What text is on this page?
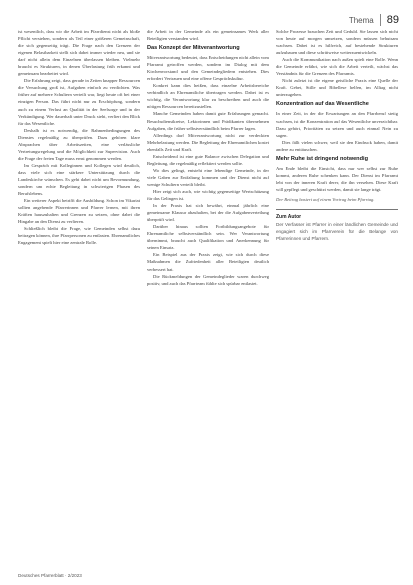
Thema 89

ist wesentlich, dass wir die Arbeit im Pfarrdienst nicht als bloße Pflicht verstehen, sondern als Teil einer größeren Gemeinschaft, die sich gegenseitig trägt. Die Frage nach den Grenzen der eigenen Belastbarkeit stellt sich dabei immer wieder neu, und sie darf nicht allein dem Einzelnen überlassen bleiben. Vielmehr braucht es Strukturen, in denen Überlastung früh erkannt und gemeinsam bearbeitet wird.

Die Erfahrung zeigt, dass gerade in Zeiten knapper Ressourcen die Versuchung groß ist, Aufgaben einfach zu verdichten. Was früher auf mehrere Schultern verteilt war, liegt heute oft bei einer einzigen Person. Das führt nicht nur zu Erschöpfung, sondern auch zu einem Verlust an Qualität in der Seelsorge und in der Verkündigung. Wer dauerhaft unter Druck steht, verliert den Blick für das Wesentliche.

Deshalb ist es notwendig, die Rahmenbedingungen des Dienstes regelmäßig zu überprüfen. Dazu gehören klare Absprachen über Arbeitszeiten, eine verlässliche Vertretungsregelung und die Möglichkeit zur Supervision. Auch die Frage der freien Tage muss ernst genommen werden.

Im Gespräch mit Kolleginnen und Kollegen wird deutlich, dass viele sich eine stärkere Unterstützung durch die Landeskirche wünschen. Es geht dabei nicht um Bevormundung, sondern um echte Begleitung in schwierigen Phasen des Berufslebens.

Ein weiterer Aspekt betrifft die Ausbildung. Schon im Vikariat sollten angehende Pfarrerinnen und Pfarrer lernen, mit ihren Kräften hauszuhalten und Grenzen zu setzen, ohne dabei die Hingabe an den Dienst zu verlieren.

Schließlich bleibt die Frage, wie Gemeinden selbst dazu beitragen können, ihre Pfarrpersonen zu entlasten. Ehrenamtliches Engagement spielt hier eine zentrale Rolle.

die Arbeit in der Gemeinde als ein gemeinsames Werk aller Beteiligten verstanden wird.

Das Konzept der Mitverantwortung

Mitverantwortung bedeutet, dass Entscheidungen nicht allein vom Pfarramt getroffen werden, sondern im Dialog mit dem Kirchenvorstand und den Gemeindegliedern entstehen. Dies erfordert Vertrauen und eine offene Gesprächskultur.

Konkret kann dies heißen, dass einzelne Arbeitsbereiche verbindlich an Ehrenamtliche übertragen werden. Dabei ist es wichtig, die Verantwortung klar zu beschreiben und auch die nötigen Ressourcen bereitzustellen.

Manche Gemeinden haben damit gute Erfahrungen gemacht. Besuchsdienstkreise, Lektorinnen und Prädikanten übernehmen Aufgaben, die früher selbstverständlich beim Pfarrer lagen.

Allerdings darf Mitverantwortung nicht zur verdeckten Mehrbelastung werden. Die Begleitung der Ehrenamtlichen kostet ebenfalls Zeit und Kraft.

Entscheidend ist eine gute Balance zwischen Delegation und Begleitung, die regelmäßig reflektiert werden sollte.

Wo dies gelingt, entsteht eine lebendige Gemeinde, in der viele Gaben zur Entfaltung kommen und der Dienst nicht auf wenige Schultern verteilt bleibt.

Hier zeigt sich auch, wie wichtig gegenseitige Wertschätzung für das Gelingen ist.

In der Praxis hat sich bewährt, einmal jährlich eine gemeinsame Klausur abzuhalten, bei der die Aufgabenverteilung überprüft wird.

Darüber hinaus sollten Fortbildungsangebote für Ehrenamtliche selbstverständlich sein. Wer Verantwortung übernimmt, braucht auch Qualifikation und Anerkennung für seinen Einsatz.

Ein Beispiel aus der Praxis zeigt, wie sich durch diese Maßnahmen die Zufriedenheit aller Beteiligten deutlich verbessert hat.

Die Rückmeldungen der Gemeindeglieder waren durchweg positiv, und auch das Pfarrteam fühlte sich spürbar entlastet.

Solche Prozesse brauchen Zeit und Geduld. Sie lassen sich nicht von heute auf morgen umsetzen, sondern müssen behutsam wachsen. Dabei ist es hilfreich, auf bestehende Strukturen aufzubauen und diese schrittweise weiterzuentwickeln.

Auch die Kommunikation nach außen spielt eine Rolle. Wenn die Gemeinde erfährt, wie sich die Arbeit verteilt, wächst das Verständnis für die Grenzen des Pfarramts.

Nicht zuletzt ist die eigene geistliche Praxis eine Quelle der Kraft. Gebet, Stille und Bibellese helfen, im Alltag nicht unterzugehen.

Konzentration auf das Wesentliche

In einer Zeit, in der die Erwartungen an den Pfarrberuf stetig wachsen, ist die Konzentration auf das Wesentliche unverzichtbar. Dazu gehört, Prioritäten zu setzen und auch einmal Nein zu sagen.

Dies fällt vielen schwer, weil sie den Eindruck haben, damit andere zu enttäuschen.

Mehr Ruhe ist dringend notwendig

Am Ende bleibt die Einsicht, dass nur wer selbst zur Ruhe kommt, anderen Ruhe schenken kann. Der Dienst im Pfarramt lebt von der inneren Kraft derer, die ihn versehen. Diese Kraft will gepflegt und geschützt werden, damit sie lange trägt.

Der Beitrag basiert auf einem Vortrag beim Pfarrtag.

Zum Autor

Der Verfasser ist Pfarrer in einer ländlichen Gemeinde und engagiert sich im Pfarrverein für die Belange von Pfarrerinnen und Pfarrern.

Deutsches Pfarrerblatt · 2/2023
